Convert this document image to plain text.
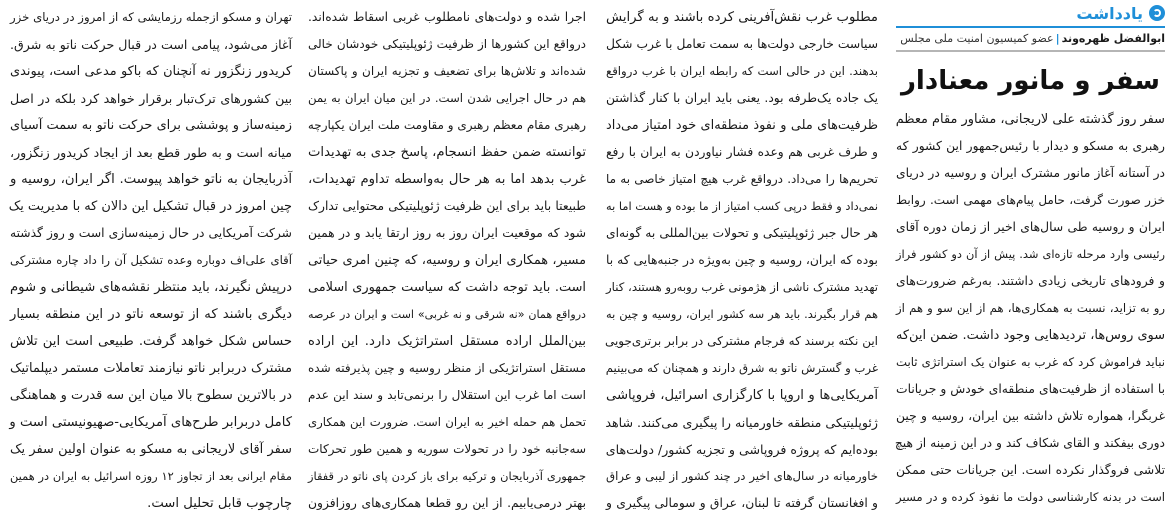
یادداشت
ابوالفضل ظهره‌وند|عضو کمیسیون امنیت ملی مجلس
سفر و مانور معنادار
سفر روز گذشته علی لاریجانی، مشاور مقام معظم
رهبری به مسکو و دیدار با رئیس‌جمهور این کشور که
در آستانه آغاز مانور مشترک ایران و روسیه در دریای
خزر صورت گرفت، حامل پیام‌های مهمی است. روابط
ایران و روسیه طی سال‌های اخیر از زمان دوره آقای
رئیسی وارد مرحله تازه‌ای شد. پیش از آن دو کشور فراز
و فرودهای تاریخی زیادی داشتند. به‌رغم ضرورت‌های
رو به تزاید، نسبت به همکاری‌ها، هم از این سو و هم از
سوی روس‌ها، تردیدهایی وجود داشت. ضمن این‌که
نباید فراموش کرد که غرب به عنوان یک استراتژی ثابت
با استفاده از ظرفیت‌های منطقه‌ای خودش و جریانات
غربگرا، همواره تلاش داشته بین ایران، روسیه و چین
دوری بیفکند و القای شکاف کند و در این زمینه از هیچ
تلاشی فروگذار نکرده است. این جریانات حتی ممکن
است در بدنه کارشناسی دولت ما نفوذ کرده و در مسیر
مطلوب غرب نقش‌آفرینی کرده باشند و به گرایش
سیاست خارجی دولت‌ها به سمت تعامل با غرب شکل
بدهند. این در حالی است که رابطه ایران با غرب درواقع
یک جاده یک‌طرفه بود. یعنی باید ایران با کنار گذاشتن
ظرفیت‌های ملی و نفوذ منطقه‌ای خود امتیاز می‌داد
و طرف غربی هم وعده فشار نیاوردن به ایران با رفع
تحریم‌ها را می‌داد. درواقع غرب هیچ امتیاز خاصی به ما
نمی‌داد و فقط درپی کسب امتیاز از ما بوده و هست اما به
هر حال جبر ژئوپلیتیکی و تحولات بین‌المللی به گونه‌ای
بوده که ایران، روسیه و چین به‌ویژه در جنبه‌هایی که با
تهدید مشترک ناشی از هژمونی غرب روبه‌رو هستند، کنار
هم قرار بگیرند. باید هر سه کشور ایران، روسیه و چین به
این نکته برسند که فرجام مشترکی در برابر برتری‌جویی
غرب و گسترش ناتو به شرق دارند و همچنان که می‌بینیم
آمریکایی‌ها و اروپا با کارگزاری اسرائیل، فروپاشی
ژئوپلیتیکی منطقه خاورمیانه را پیگیری می‌کنند. شاهد
بوده‌ایم که پروژه فروپاشی و تجزیه کشور/ دولت‌های
خاورمیانه در سال‌های اخیر در چند کشور از لیبی و عراق
و افغانستان گرفته تا لبنان، عراق و سومالی پیگیری و
اجرا شده و دولت‌های نامطلوب غربی اسقاط شده‌اند.
درواقع این کشورها از ظرفیت ژئوپلیتیکی خودشان خالی
شده‌اند و تلاش‌ها برای تضعیف و تجزیه ایران و پاکستان
هم در حال اجرایی شدن است. در این میان ایران به یمن
رهبری مقام معظم رهبری و مقاومت ملت ایران یکپارچه
توانسته ضمن حفظ انسجام، پاسخ جدی به تهدیدات
غرب بدهد اما به هر حال به‌واسطه تداوم تهدیدات،
طبیعتا باید برای این ظرفیت ژئوپلیتیکی محتوایی تدارک
شود که موقعیت ایران روز به روز ارتقا یابد و در همین
مسیر، همکاری ایران و روسیه، که چنین امری حیاتی
است. باید توجه داشت که سیاست جمهوری اسلامی
درواقع همان «نه شرقی و نه غربی» است و ایران در عرصه
بین‌الملل اراده مستقل استراتژیک دارد. این اراده
مستقل استراتژیکی از منظر روسیه و چین پذیرفته شده
است اما غرب این استقلال را برنمی‌تابد و سند این عدم
تحمل هم حمله اخیر به ایران است. ضرورت این همکاری
سه‌جانبه خود را در تحولات سوریه و همین طور تحرکات
جمهوری آذربایجان و ترکیه برای باز کردن پای ناتو در قفقاز
بهتر درمی‌یابیم. از این رو قطعا همکاری‌های روزافزون
تهران و مسکو ازجمله رزمایشی که از امروز در دریای خزر
آغاز می‌شود، پیامی است در قبال حرکت ناتو به شرق.
کریدور زنگزور نه آنچنان که باکو مدعی است، پیوندی
بین کشورهای ترک‌تبار برقرار خواهد کرد بلکه در اصل
زمینه‌ساز و پوششی برای حرکت ناتو به سمت آسیای
میانه است و به طور قطع بعد از ایجاد کریدور زنگزور،
آذربایجان به ناتو خواهد پیوست. اگر ایران، روسیه و
چین امروز در قبال تشکیل این دالان که با مدیریت یک
شرکت آمریکایی در حال زمینه‌سازی است و روز گذشته
آقای علی‌اف دوباره وعده تشکیل آن را داد چاره مشترکی
درپیش نگیرند، باید منتظر نقشه‌های شیطانی و شوم
دیگری باشند که از توسعه ناتو در این منطقه بسیار
حساس شکل خواهد گرفت. طبیعی است این تلاش
مشترک دربرابر ناتو نیازمند تعاملات مستمر دیپلماتیک
در بالاترین سطوح بالا میان این سه قدرت و هماهنگی
کامل دربرابر طرح‌های آمریکایی-صهیونیستی است و
سفر آقای لاریجانی به مسکو به عنوان اولین سفر یک
مقام ایرانی بعد از تجاوز ۱۲ روزه اسرائیل به ایران در همین
چارچوب قابل تحلیل است.
